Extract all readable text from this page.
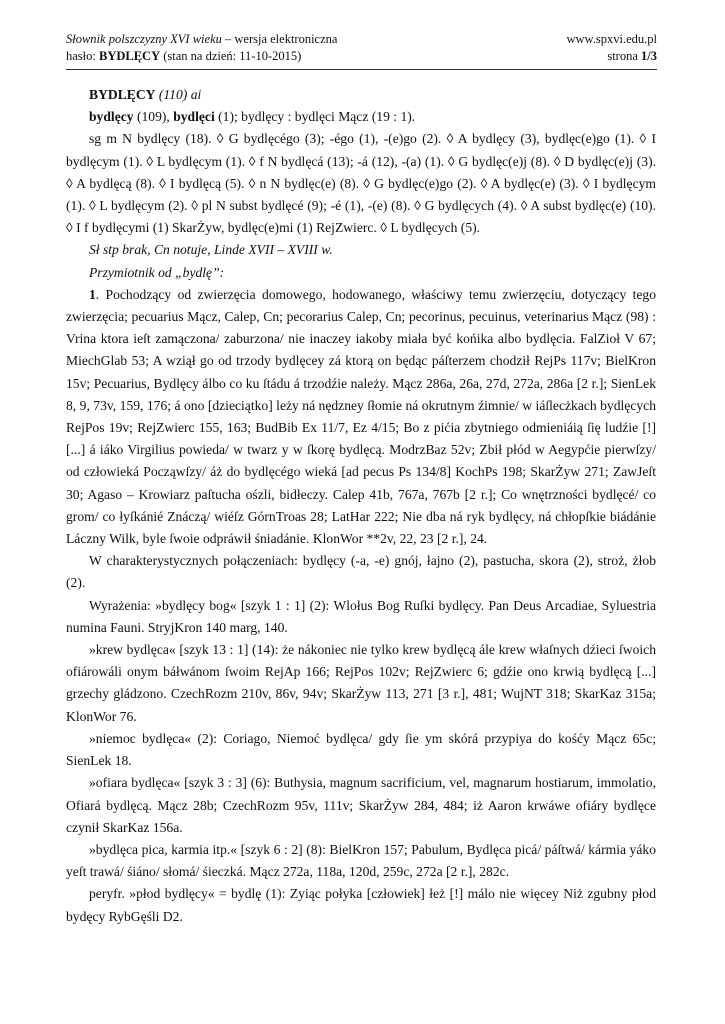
Słownik polszczyzny XVI wieku – wersja elektroniczna	www.spxvi.edu.pl
hasło: BYDLĘCY (stan na dzień: 11-10-2015)	strona 1/3

BYDLĘCY (110) ai

bydlęcy (109), bydlęci (1); bydlęcy : bydlęci Mącz (19 : 1).

sg m N bydlęcy (18). ◊ G bydlęcégo (3); -égo (1), -(e)go (2). ◊ A bydlęcy (3), bydlęc(e)go (1). ◊ I bydlęcym (1). ◊ L bydlęcym (1). ◊ f N bydlęcá (13); -á (12), -(a) (1). ◊ G bydlęc(e)j (8). ◊ D bydlęc(e)j (3). ◊ A bydlęcą (8). ◊ I bydlęcą (5). ◊ n N bydlęc(e) (8). ◊ G bydlęc(e)go (2). ◊ A bydlęc(e) (3). ◊ I bydlęcym (1). ◊ L bydlęcym (2). ◊ pl N subst bydlęcé (9); -é (1), -(e) (8). ◊ G bydlęcych (4). ◊ A subst bydlęc(e) (10). ◊ I f bydlęcymi (1) SkarŻyw, bydlęc(e)mi (1) RejZwierc. ◊ L bydlęcych (5).

Sł stp brak, Cn notuje, Linde XVII – XVIII w.

Przymiotnik od „bydlę”:

1. Pochodzący od zwierzęcia domowego, hodowanego, właściwy temu zwierzęciu, dotyczący tego zwierzęcia; pecuarius Mącz, Calep, Cn; pecorarius Calep, Cn; pecorinus, pecuinus, veterinarius Mącz (98) : Vrina ktora ieſt zamączona/ zaburzona/ nie inaczey iakoby miała być końika albo bydlęcia. FalZioł V 67; MiechGlab 53; A wziął go od trzody bydlęcey zá ktorą on będąc páſterzem chodził RejPs 117v; BielKron 15v; Pecuarius, Bydlęcy álbo co ku ſtádu á trzodźie należy. Mącz 286a, 26a, 27d, 272a, 286a [2 r.]; SienLek 8, 9, 73v, 159, 176; á ono [dzieciątko] leży ná nędzney ſłomie ná okrutnym źimnie/ w iáſlecżkach bydlęcych RejPos 19v; RejZwierc 155, 163; BudBib Ex 11/7, Ez 4/15; Bo z pićia zbytniego odmieniáią ſię ludźie [!] [...] á iáko Virgilius powieda/ w twarz y w ſkorę bydlęcą. ModrzBaz 52v; Zbił płód w Aegypćie pierwſzy/ od człowieká Począwſzy/ áż do bydlęcégo wieká [ad pecus Ps 134/8] KochPs 198; SkarŻyw 271; ZawJeſt 30; Agaso – Krowiarz paſtucha ośzli, bidłeczy. Calep 41b, 767a, 767b [2 r.]; Co wnętrzności bydlęcé/ co grom/ co łyſkánié Znáczą/ wiéſz GórnTroas 28; LatHar 222; Nie dba ná ryk bydlęcy, ná chłopſkie biádánie Láczny Wilk, byle ſwoie odpráwił śniadánie. KlonWor **2v, 22, 23 [2 r.], 24.

W charakterystycznych połączeniach: bydlęcy (-a, -e) gnój, łajno (2), pastucha, skora (2), stroż, żłob (2).

Wyrażenia: »bydlęcy bog« [szyk 1 : 1] (2): Wlołus Bog Ruſki bydlęcy. Pan Deus Arcadiae, Syluestria numina Fauni. StryjKron 140 marg, 140.

»krew bydlęca« [szyk 13 : 1] (14): że nákoniec nie tylko krew bydlęcą ále krew właſnych dźieci ſwoich ofiárowáli onym báłwánom ſwoim RejAp 166; RejPos 102v; RejZwierc 6; gdźie ono krwią bydlęcą [...] grzechy gládzono. CzechRozm 210v, 86v, 94v; SkarŻyw 113, 271 [3 r.], 481; WujNT 318; SkarKaz 315a; KlonWor 76.

»niemoc bydlęca« (2): Coriago, Niemoć bydlęca/ gdy ſie ym skórá przypiya do kośćy Mącz 65c; SienLek 18.

»ofiara bydlęca« [szyk 3 : 3] (6): Buthysia, magnum sacrificium, vel, magnarum hostiarum, immolatio, Ofiará bydlęcą. Mącz 28b; CzechRozm 95v, 111v; SkarŻyw 284, 484; iż Aaron krwáwe ofiáry bydlęce czynił SkarKaz 156a.

»bydlęca pica, karmia itp.« [szyk 6 : 2] (8): BielKron 157; Pabulum, Bydlęca picá/ páſtwá/ kármia yáko yeſt trawá/ śiáno/ słomá/ śieczká. Mącz 272a, 118a, 120d, 259c, 272a [2 r.], 282c.

peryfr. »płod bydlęcy« = bydlę (1): Zyiąc połyka [człowiek] łeż [!] málo nie więcey Niż zgubny płod bydęcy RybGęśli D2.
